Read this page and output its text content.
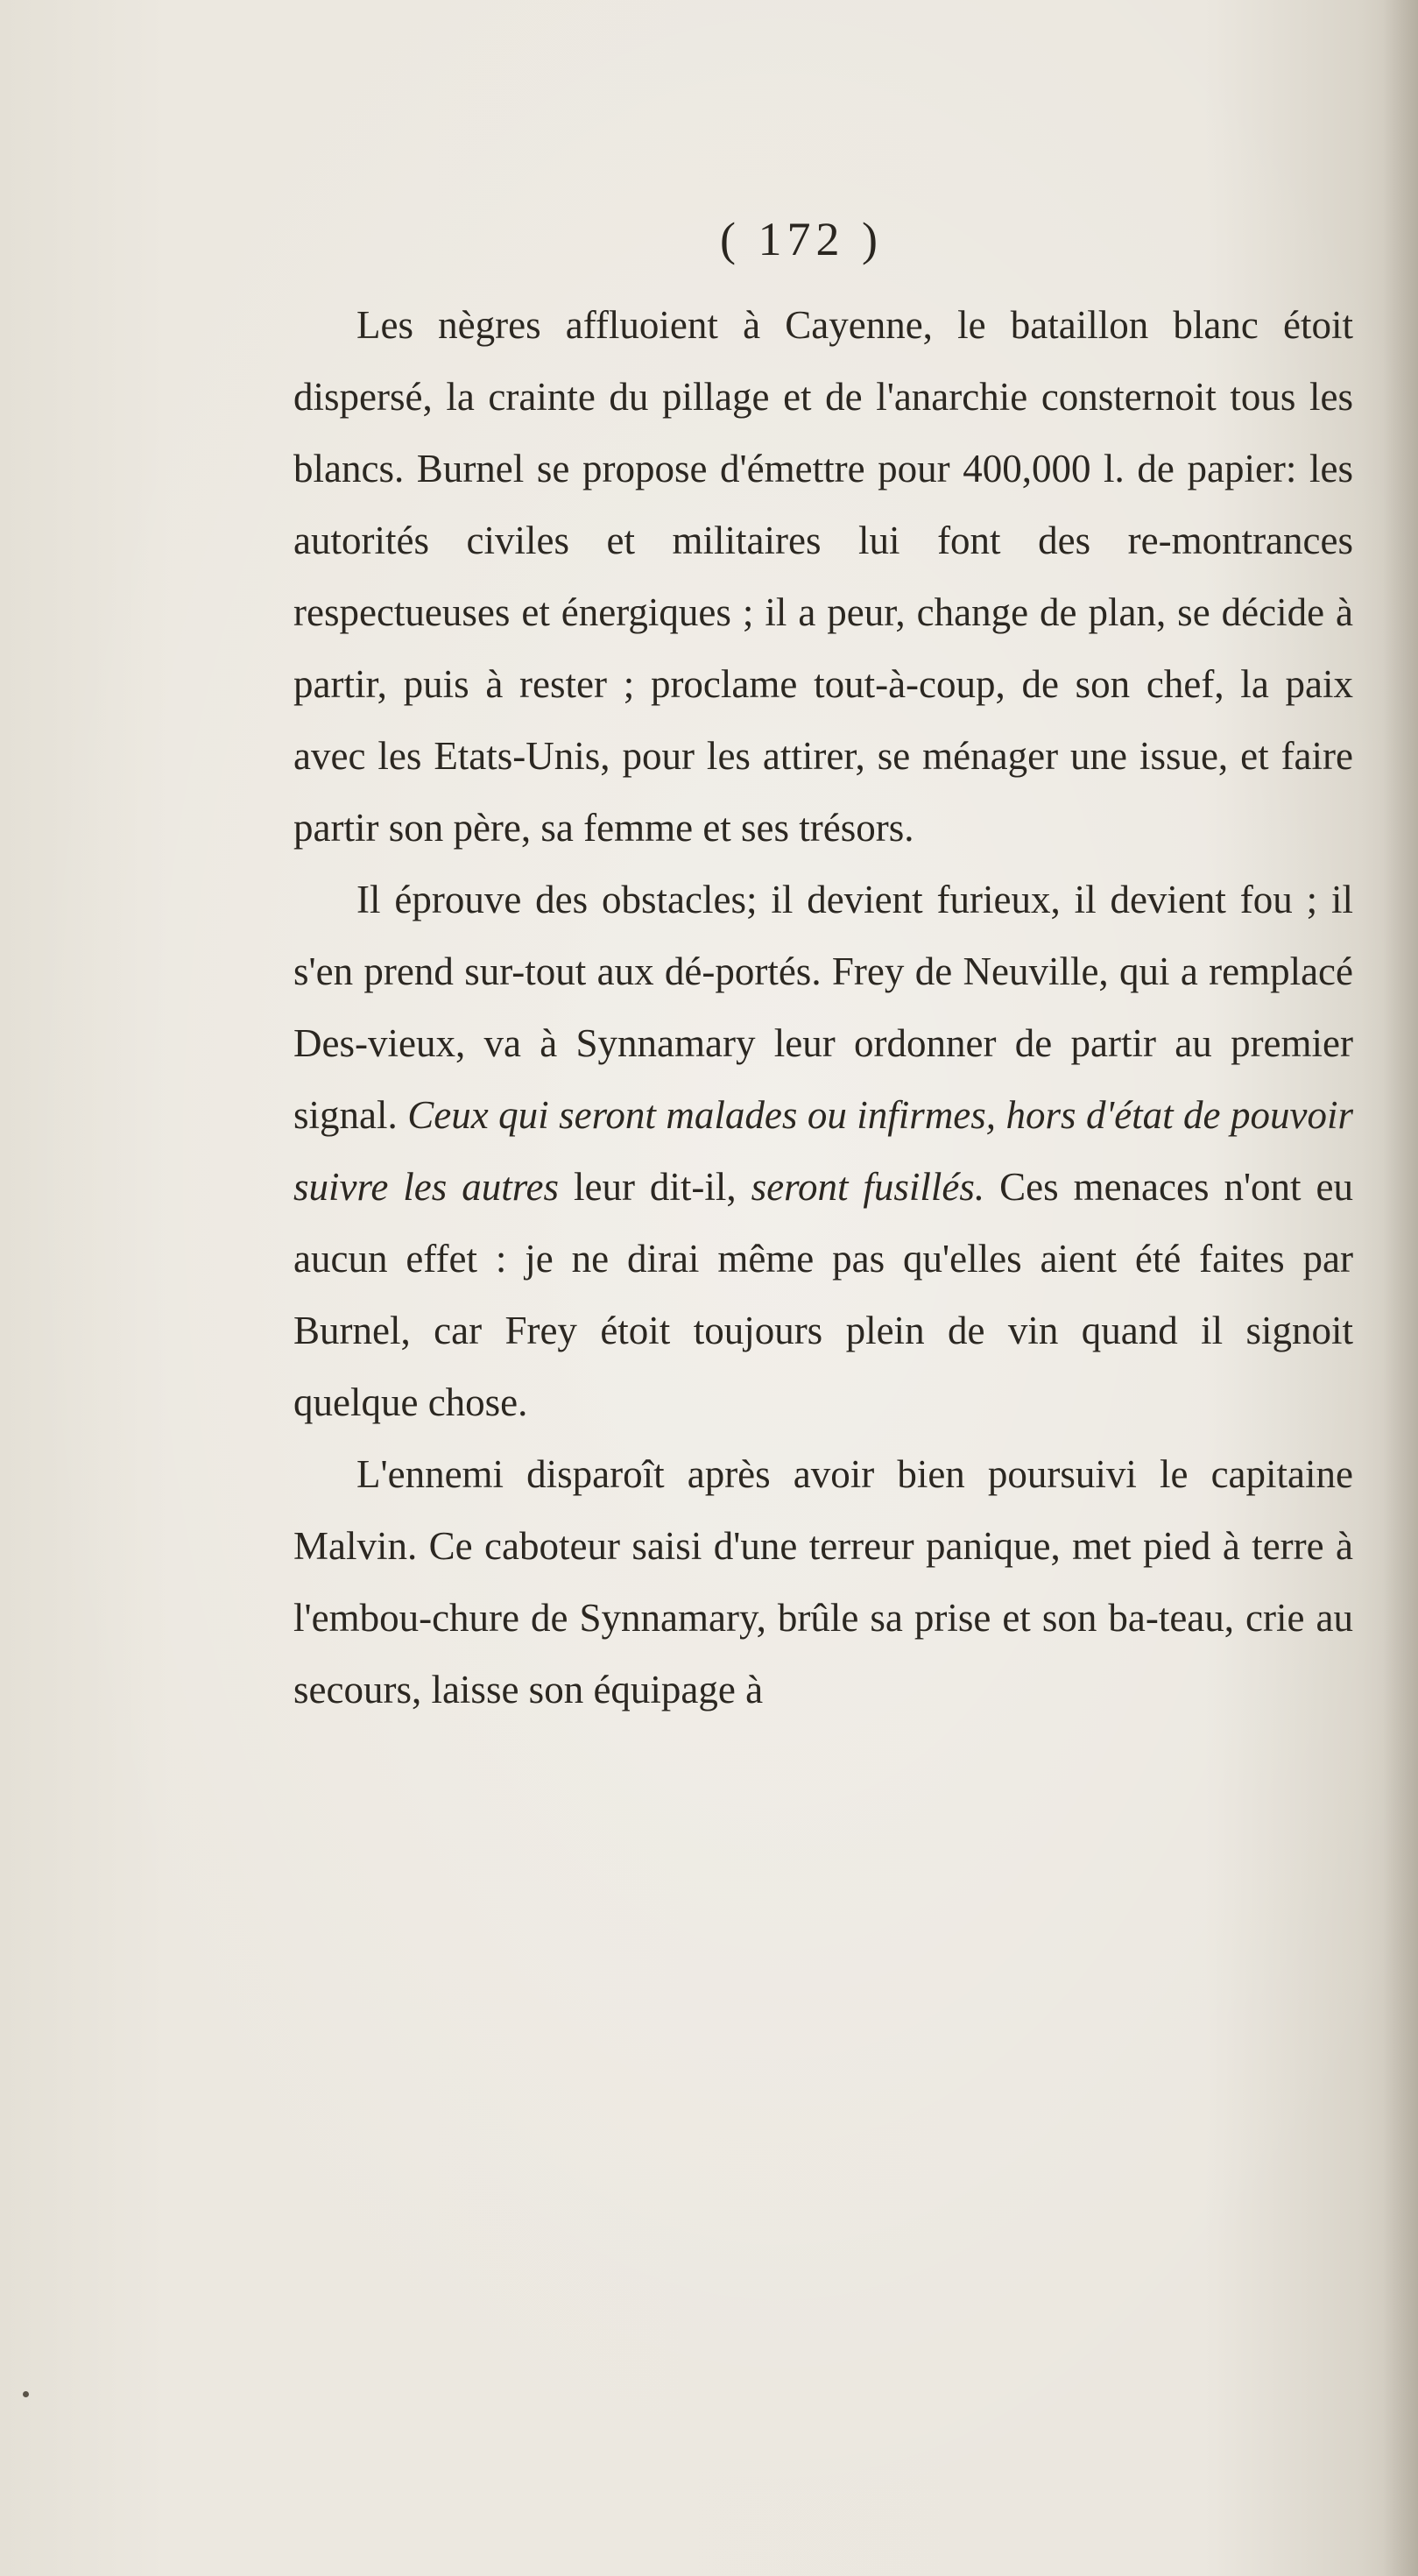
( 172 )

Les nègres affluoient à Cayenne, le bataillon blanc étoit dispersé, la crainte du pillage et de l'anarchie consternoit tous les blancs. Burnel se propose d'émettre pour 400,000 l. de papier: les autorités civiles et militaires lui font des re-montrances respectueuses et énergiques ; il a peur, change de plan, se décide à partir, puis à rester ; proclame tout-à-coup, de son chef, la paix avec les Etats-Unis, pour les attirer, se ménager une issue, et faire partir son père, sa femme et ses trésors.

Il éprouve des obstacles; il devient furieux, il devient fou ; il s'en prend sur-tout aux dé-portés. Frey de Neuville, qui a remplacé Des-vieux, va à Synnamary leur ordonner de partir au premier signal. Ceux qui seront malades ou infirmes, hors d'état de pouvoir suivre les autres leur dit-il, seront fusillés. Ces menaces n'ont eu aucun effet : je ne dirai même pas qu'elles aient été faites par Burnel, car Frey étoit toujours plein de vin quand il signoit quelque chose.

L'ennemi disparoît après avoir bien poursuivi le capitaine Malvin. Ce caboteur saisi d'une terreur panique, met pied à terre à l'embou-chure de Synnamary, brûle sa prise et son ba-teau, crie au secours, laisse son équipage à
